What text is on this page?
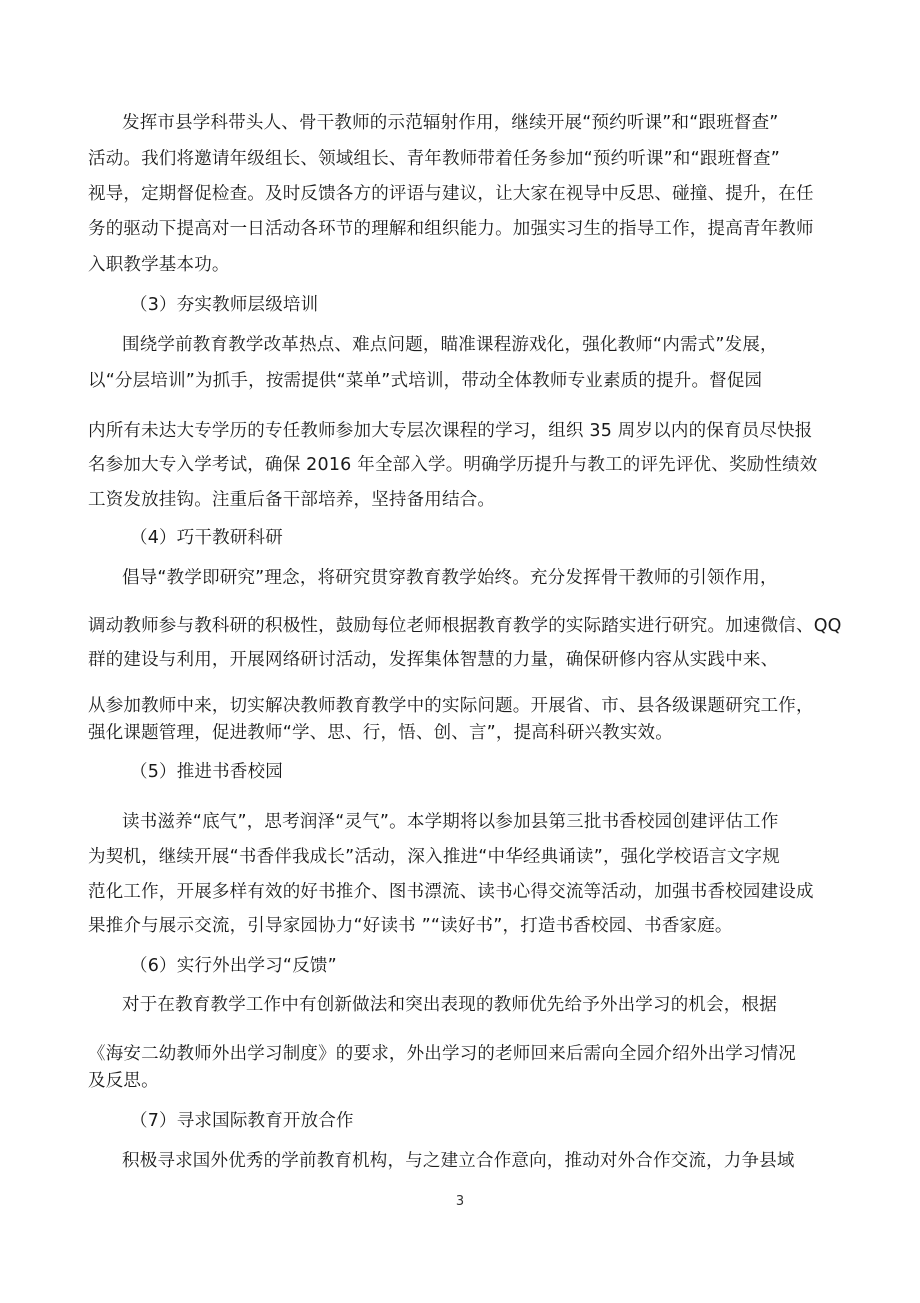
发挥市县学科带头人、骨干教师的示范辐射作用，继续开展“预约听课”和“跟班督查”
活动。我们将邀请年级组长、领域组长、青年教师带着任务参加“预约听课”和“跟班督查”
视导，定期督促检查。及时反馈各方的评语与建议，让大家在视导中反思、碰撞、提升，在任
务的驱动下提高对一日活动各环节的理解和组织能力。加强实习生的指导工作，提高青年教师
入职教学基本功。
（3）夯实教师层级培训
围绕学前教育教学改革热点、难点问题，瞄准课程游戏化，强化教师“内需式”发展，
以“分层培训”为抓手，按需提供“菜单”式培训，带动全体教师专业素质的提升。督促园
内所有未达大专学历的专任教师参加大专层次课程的学习，组织 35 周岁以内的保育员尽快报
名参加大专入学考试，确保 2016 年全部入学。明确学历提升与教工的评先评优、奖励性绩效
工资发放挂钩。注重后备干部培养，坚持备用结合。
（4）巧干教研科研
倡导“教学即研究”理念，将研究贯穿教育教学始终。充分发挥骨干教师的引领作用，
调动教师参与教科研的积极性，鼓励每位老师根据教育教学的实际踏实进行研究。加速微信、QQ
群的建设与利用，开展网络研讨活动，发挥集体智慧的力量，确保研修内容从实践中来、
从参加教师中来，切实解决教师教育教学中的实际问题。开展省、市、县各级课题研究工作，
强化课题管理，促进教师“学、思、行，悟、创、言”，提高科研兴教实效。
（5）推进书香校园
读书滋养“底气”，思考润泽“灵气”。本学期将以参加县第三批书香校园创建评估工作
为契机，继续开展“书香伴我成长”活动，深入推进“中华经典诵读”，强化学校语言文字规
范化工作，开展多样有效的好书推介、图书漂流、读书心得交流等活动，加强书香校园建设成
果推介与展示交流，引导家园协力“好读书 ”“读好书”，打造书香校园、书香家庭。
（6）实行外出学习“反馈”
对于在教育教学工作中有创新做法和突出表现的教师优先给予外出学习的机会，根据
《海安二幼教师外出学习制度》的要求，外出学习的老师回来后需向全园介绍外出学习情况
及反思。
（7）寻求国际教育开放合作
积极寻求国外优秀的学前教育机构，与之建立合作意向，推动对外合作交流，力争县域
3
